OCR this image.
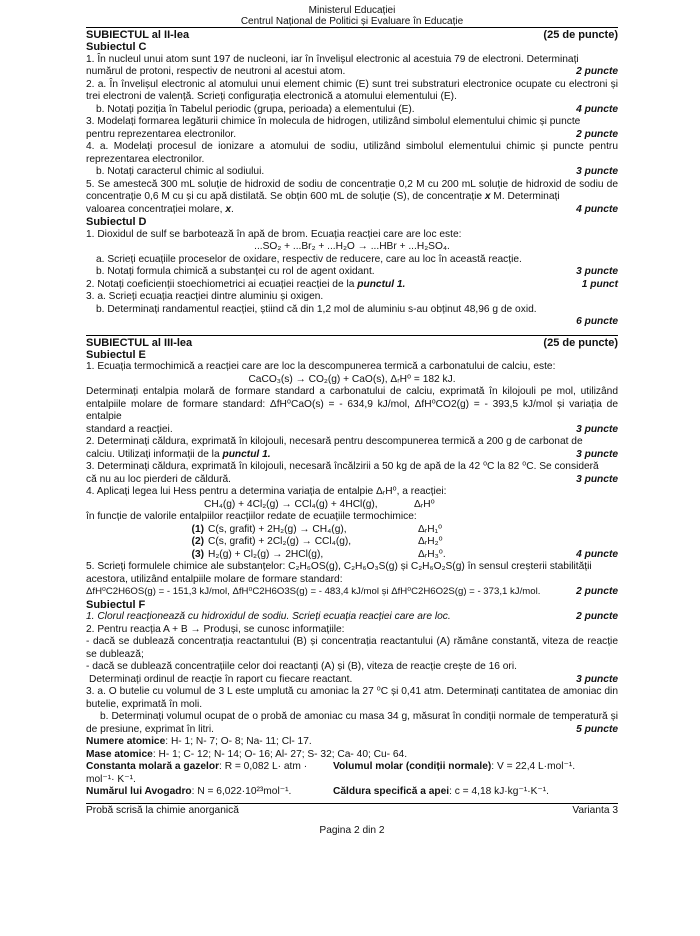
Ministerul Educației
Centrul Național de Politici și Evaluare în Educație
SUBIECTUL al II-lea	(25 de puncte)
Subiectul C

1. În nucleul unui atom sunt 197 de nucleoni, iar în învelișul electronic al acestuia 79 de electroni. Determinați

numărul de protoni, respectiv de neutroni al acestui atom.	2 puncte

2. a. În învelișul electronic al atomului unui element chimic (E) sunt trei substraturi electronice ocupate cu electroni și trei electroni de valență. Scrieți configurația electronică a atomului elementului (E).

b. Notați poziția în Tabelul periodic (grupa, perioada) a elementului (E).	4 puncte

3. Modelați formarea legăturii chimice în molecula de hidrogen, utilizând simbolul elementului chimic și puncte

pentru reprezentarea electronilor.	2 puncte

4. a. Modelați procesul de ionizare a atomului de sodiu, utilizând simbolul elementului chimic și puncte pentru reprezentarea electronilor.

b. Notați caracterul chimic al sodiului.	3 puncte

5. Se amestecă 300 mL soluție de hidroxid de sodiu de concentrație 0,2 M cu 200 mL soluție de hidroxid de sodiu de concentrație 0,6 M cu și cu apă distilată. Se obțin 600 mL de soluție (S), de concentrație x M. Determinați

valoarea concentrației molare, x.	4 puncte
Subiectul D

1. Dioxidul de sulf se barbotează în apă de brom. Ecuația reacției care are loc este:

...SO₂ + ...Br₂ + ...H₂O → ...HBr + ...H₂SO₄.

a. Scrieți ecuațiile proceselor de oxidare, respectiv de reducere, care au loc în această reacție.

b. Notați formula chimică a substanței cu rol de agent oxidant.	3 puncte
2. Notați coeficienții stoechiometrici ai ecuației reacției de la punctul 1.	1 punct

3. a. Scrieți ecuația reacției dintre aluminiu și oxigen.

b. Determinați randamentul reacției, știind că din 1,2 mol de aluminiu s-au obținut 48,96 g de oxid.

6 puncte
SUBIECTUL al III-lea	(25 de puncte)
Subiectul E

1. Ecuația termochimică a reacției care are loc la descompunerea termică a carbonatului de calciu, este:

CaCO₃(s) → CO₂(g) + CaO(s), ΔᵣH⁰ = 182 kJ.

Determinați entalpia molară de formare standard a carbonatului de calciu, exprimată în kilojouli pe mol, utilizând entalpiile molare de formare standard: ΔfH⁰CaO(s) = - 634,9 kJ/mol, ΔfH⁰CO2(g) = - 393,5 kJ/mol și variația de entalpie

standard a reacției.	3 puncte

2. Determinați căldura, exprimată în kilojouli, necesară pentru descompunerea termică a 200 g de carbonat de

calciu. Utilizați informații de la punctul 1.	3 puncte

3. Determinați căldura, exprimată în kilojouli, necesară încălzirii a 50 kg de apă de la 42 ⁰C la 82 ⁰C. Se consideră

că nu au loc pierderi de căldură.	3 puncte

4. Aplicați legea lui Hess pentru a determina variația de entalpie ΔᵣH⁰, a reacției:

CH₄(g) + 4Cl₂(g) → CCl₄(g) + 4HCl(g),	ΔᵣH⁰

în funcție de valorile entalpiilor reacțiilor redate de ecuațiile termochimice:

(1) C(s, grafit) + 2H₂(g) → CH₄(g),	ΔᵣH₁⁰
(2) C(s, grafit) + 2Cl₂(g) → CCl₄(g),	ΔᵣH₂⁰
(3) H₂(g) + Cl₂(g) → 2HCl(g),	ΔᵣH₃⁰.	4 puncte

5. Scrieți formulele chimice ale substanțelor: C₂H₆OS(g), C₂H₆O₃S(g) și C₂H₆O₂S(g) în sensul creșterii stabilității

acestora, utilizând entalpiile molare de formare standard:

ΔfH⁰C2H6OS(g) = - 151,3 kJ/mol, ΔfH⁰C2H6O3S(g) = - 483,4 kJ/mol și ΔfH⁰C2H6O2S(g) = - 373,1 kJ/mol.	2 puncte
Subiectul F
1. Clorul reacționează cu hidroxidul de sodiu. Scrieți ecuația reacției care are loc.	2 puncte

2. Pentru reacția A + B → Produși, se cunosc informațiile:

- dacă se dublează concentrația reactantului (B) și concentrația reactantului (A) rămâne constantă, viteza de reacție se dublează;

- dacă se dublează concentrațiile celor doi reactanți (A) și (B), viteza de reacție crește de 16 ori.

Determinați ordinul de reacție în raport cu fiecare reactant.	3 puncte

3. a. O butelie cu volumul de 3 L este umplută cu amoniac la 27 ⁰C și 0,41 atm. Determinați cantitatea de amoniac din butelie, exprimată în moli.

b. Determinați volumul ocupat de o probă de amoniac cu masa 34 g, măsurat în condiții normale de temperatură și de presiune, exprimat în litri.	5 puncte

Numere atomice: H- 1; N- 7; O- 8; Na- 11; Cl- 17.
Mase atomice: H- 1; C- 12; N- 14; O- 16; Al- 27; S- 32; Ca- 40; Cu- 64.
Constanta molară a gazelor: R = 0,082 L· atm · mol⁻¹· K⁻¹.
Volumul molar (condiții normale): V = 22,4 L·mol⁻¹.
Numărul lui Avogadro: N = 6,022·10²³mol⁻¹.	Căldura specifică a apei: c = 4,18 kJ·kg⁻¹·K⁻¹.
Probă scrisă la chimie anorganică	Varianta 3
Pagina 2 din 2
